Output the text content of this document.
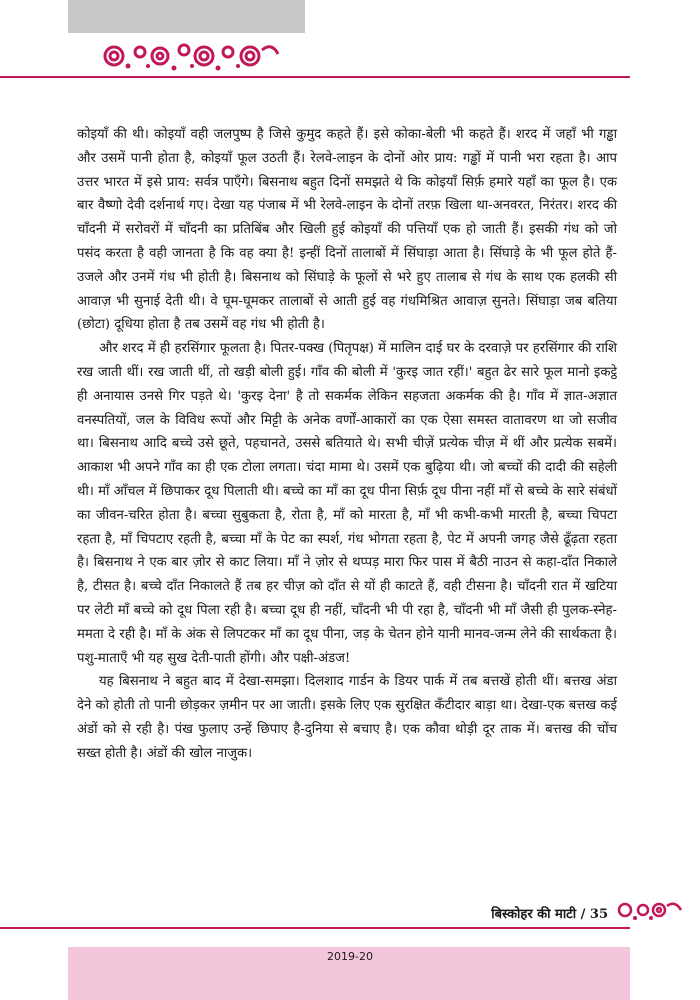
कोइयाँ की थी। कोइयाँ वही जलपुष्प है जिसे कुमुद कहते हैं। इसे कोका-बेली भी कहते हैं। शरद में जहाँ भी गड्ढा और उसमें पानी होता है, कोइयाँ फूल उठती हैं। रेलवे-लाइन के दोनों ओर प्राय: गड्ढों में पानी भरा रहता है। आप उत्तर भारत में इसे प्राय: सर्वत्र पाएँगे। बिसनाथ बहुत दिनों समझते थे कि कोइयाँ सिर्फ़ हमारे यहाँ का फूल है। एक बार वैष्णो देवी दर्शनार्थ गए। देखा यह पंजाब में भी रेलवे-लाइन के दोनों तरफ़ खिला था-अनवरत, निरंतर। शरद की चाँदनी में सरोवरों में चाँदनी का प्रतिबिंब और खिली हुई कोइयाँ की पत्तियाँ एक हो जाती हैं। इसकी गंध को जो पसंद करता है वही जानता है कि वह क्या है! इन्हीं दिनों तालाबों में सिंघाड़ा आता है। सिंघाड़े के भी फूल होते हैं-उजले और उनमें गंध भी होती है। बिसनाथ को सिंघाड़े के फूलों से भरे हुए तालाब से गंध के साथ एक हलकी सी आवाज़ भी सुनाई देती थी। वे घूम-घूमकर तालाबों से आती हुई वह गंधमिश्रित आवाज़ सुनते। सिंघाड़ा जब बतिया (छोटा) दूधिया होता है तब उसमें वह गंध भी होती है।

और शरद में ही हरसिंगार फूलता है। पितर-पक्ख (पितृपक्ष) में मालिन दाई घर के दरवाज़े पर हरसिंगार की राशि रख जाती थीं। रख जाती थीं, तो खड़ी बोली हुई। गाँव की बोली में 'कुरइ जात रहीं।' बहुत ढेर सारे फूल मानो इकट्ठे ही अनायास उनसे गिर पड़ते थे। 'कुरइ देना' है तो सकर्मक लेकिन सहजता अकर्मक की है। गाँव में ज्ञात-अज्ञात वनस्पतियों, जल के विविध रूपों और मिट्टी के अनेक वर्णों-आकारों का एक ऐसा समस्त वातावरण था जो सजीव था। बिसनाथ आदि बच्चे उसे छूते, पहचानते, उससे बतियाते थे। सभी चीज़ें प्रत्येक चीज़ में थीं और प्रत्येक सबमें। आकाश भी अपने गाँव का ही एक टोला लगता। चंदा मामा थे। उसमें एक बुढ़िया थी। जो बच्चों की दादी की सहेली थी। माँ आँचल में छिपाकर दूध पिलाती थी। बच्चे का माँ का दूध पीना सिर्फ़ दूध पीना नहीं माँ से बच्चे के सारे संबंधों का जीवन-चरित होता है। बच्चा सुबुकता है, रोता है, माँ को मारता है, माँ भी कभी-कभी मारती है, बच्चा चिपटा रहता है, माँ चिपटाए रहती है, बच्चा माँ के पेट का स्पर्श, गंध भोगता रहता है, पेट में अपनी जगह जैसे ढूँढ़ता रहता है। बिसनाथ ने एक बार ज़ोर से काट लिया। माँ ने ज़ोर से थप्पड़ मारा फिर पास में बैठी नाउन से कहा-दाँत निकाले है, टीसत है। बच्चे दाँत निकालते हैं तब हर चीज़ को दाँत से यों ही काटते हैं, वही टीसना है। चाँदनी रात में खटिया पर लेटी माँ बच्चे को दूध पिला रही है। बच्चा दूध ही नहीं, चाँदनी भी पी रहा है, चाँदनी भी माँ जैसी ही पुलक-स्नेह-ममता दे रही है। माँ के अंक से लिपटकर माँ का दूध पीना, जड़ के चेतन होने यानी मानव-जन्म लेने की सार्थकता है। पशु-माताएँ भी यह सुख देती-पाती होंगी। और पक्षी-अंडज!

यह बिसनाथ ने बहुत बाद में देखा-समझा। दिलशाद गार्डन के डियर पार्क में तब बत्तखें होती थीं। बत्तख अंडा देने को होती तो पानी छोड़कर ज़मीन पर आ जाती। इसके लिए एक सुरक्षित कँटीदार बाड़ा था। देखा-एक बत्तख कई अंडों को से रही है। पंख फुलाए उन्हें छिपाए है-दुनिया से बचाए है। एक कौवा थोड़ी दूर ताक में। बत्तख की चोंच सख्त होती है। अंडों की खोल नाजुक।

बिस्कोहर की माटी / 35
2019-20
